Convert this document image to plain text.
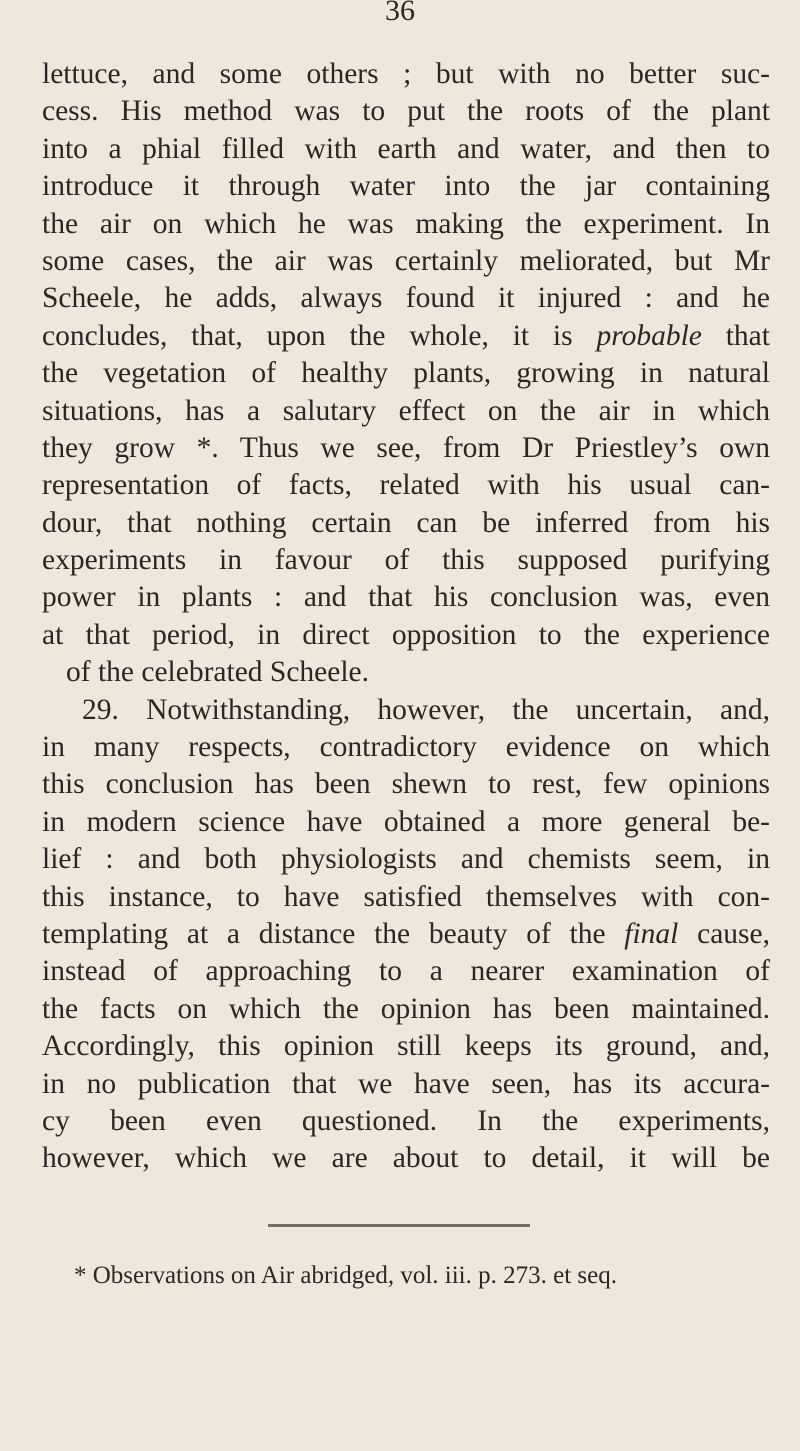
36
lettuce, and some others ; but with no better suc-
cess. His method was to put the roots of the plant
into a phial filled with earth and water, and then to
introduce it through water into the jar containing
the air on which he was making the experiment. In
some cases, the air was certainly meliorated, but Mr
Scheele, he adds, always found it injured : and he
concludes, that, upon the whole, it is probable that
the vegetation of healthy plants, growing in natural
situations, has a salutary effect on the air in which
they grow *. Thus we see, from Dr Priestley’s own
representation of facts, related with his usual can-
dour, that nothing certain can be inferred from his
experiments in favour of this supposed purifying
power in plants : and that his conclusion was, even
at that period, in direct opposition to the experience
of the celebrated Scheele.
29. Notwithstanding, however, the uncertain, and,
in many respects, contradictory evidence on which
this conclusion has been shewn to rest, few opinions
in modern science have obtained a more general be-
lief : and both physiologists and chemists seem, in
this instance, to have satisfied themselves with con-
templating at a distance the beauty of the final cause,
instead of approaching to a nearer examination of
the facts on which the opinion has been maintained.
Accordingly, this opinion still keeps its ground, and,
in no publication that we have seen, has its accura-
cy been even questioned. In the experiments,
however, which we are about to detail, it will be
* Observations on Air abridged, vol. iii. p. 273. et seq.
